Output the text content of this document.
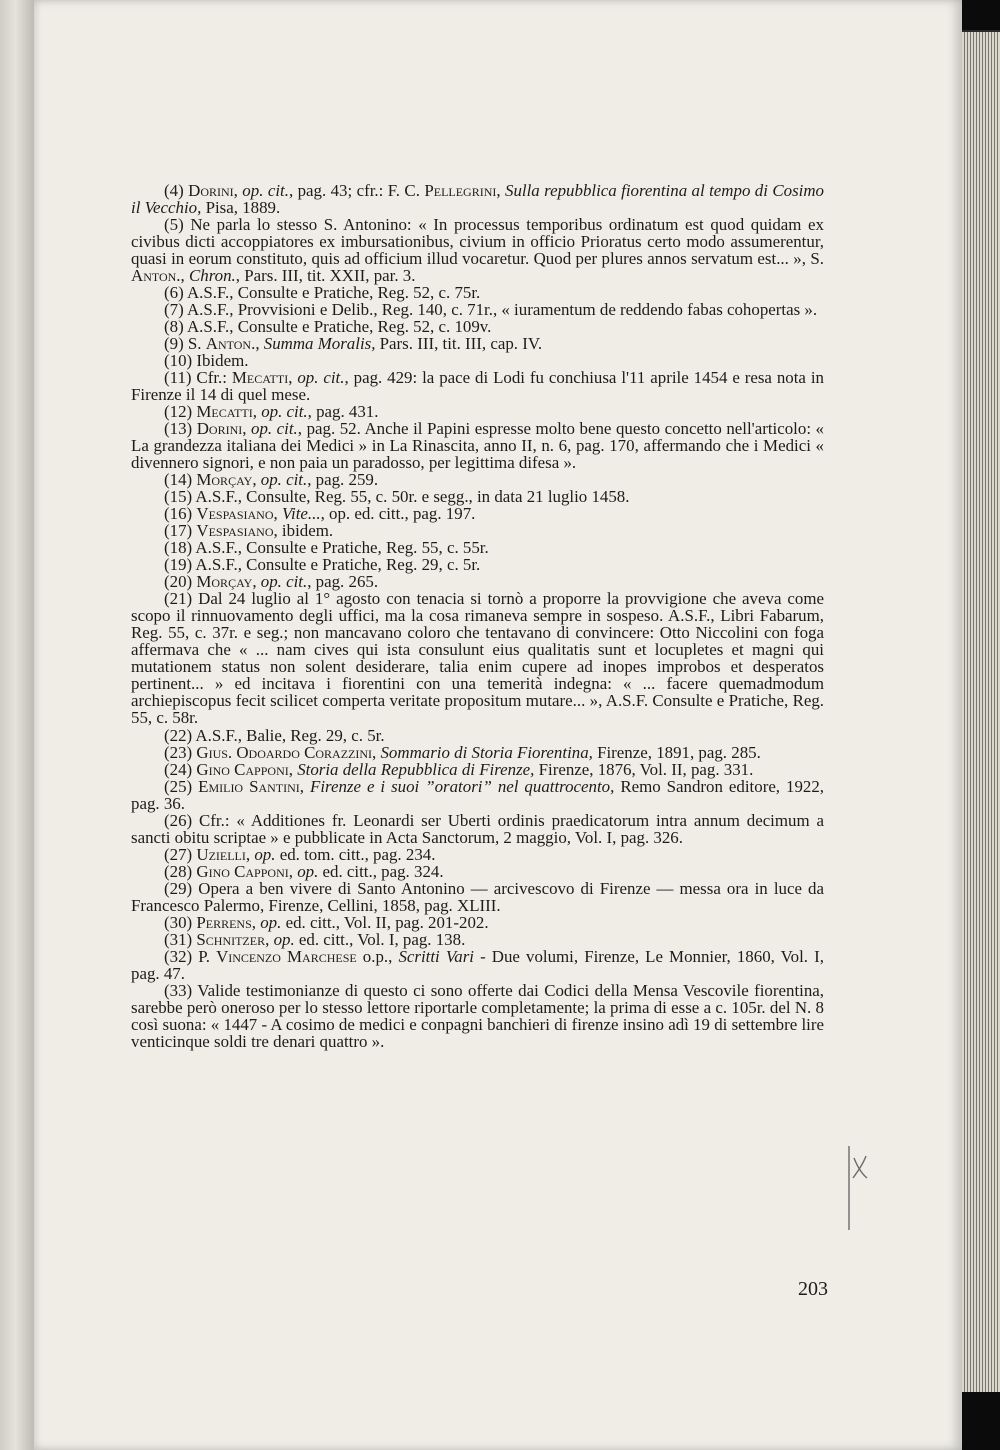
(4) Dorini, op. cit., pag. 43; cfr.: F. C. Pellegrini, Sulla repubblica fiorentina al tempo di Cosimo il Vecchio, Pisa, 1889.
(5) Ne parla lo stesso S. Antonino: « In processus temporibus ordinatum est quod quidam ex civibus dicti accoppiatores ex imbursationibus, civium in officio Prioratus certo modo assumerentur, quasi in eorum constituto, quis ad officium illud vocaretur. Quod per plures annos servatum est... », S. Anton., Chron., Pars. III, tit. XXII, par. 3.
(6) A.S.F., Consulte e Pratiche, Reg. 52, c. 75r.
(7) A.S.F., Provvisioni e Delib., Reg. 140, c. 71r., « iuramentum de reddendo fabas cohopertas ».
(8) A.S.F., Consulte e Pratiche, Reg. 52, c. 109v.
(9) S. Anton., Summa Moralis, Pars. III, tit. III, cap. IV.
(10) Ibidem.
(11) Cfr.: Mecatti, op. cit., pag. 429: la pace di Lodi fu conchiusa l'11 aprile 1454 e resa nota in Firenze il 14 di quel mese.
(12) Mecatti, op. cit., pag. 431.
(13) Dorini, op. cit., pag. 52. Anche il Papini espresse molto bene questo concetto nell'articolo: « La grandezza italiana dei Medici » in La Rinascita, anno II, n. 6, pag. 170, affermando che i Medici « divennero signori, e non paia un paradosso, per legittima difesa ».
(14) Morçay, op. cit., pag. 259.
(15) A.S.F., Consulte, Reg. 55, c. 50r. e segg., in data 21 luglio 1458.
(16) Vespasiano, Vite..., op. ed. citt., pag. 197.
(17) Vespasiano, ibidem.
(18) A.S.F., Consulte e Pratiche, Reg. 55, c. 55r.
(19) A.S.F., Consulte e Pratiche, Reg. 29, c. 5r.
(20) Morçay, op. cit., pag. 265.
(21) Dal 24 luglio al 1° agosto con tenacia si tornò a proporre la provvigione che aveva come scopo il rinnuovamento degli uffici, ma la cosa rimaneva sempre in sospeso. A.S.F., Libri Fabarum, Reg. 55, c. 37r. e seg.; non mancavano coloro che tentavano di convincere: Otto Niccolini con foga affermava che « ... nam cives qui ista consulunt eius qualitatis sunt et locupletes et magni qui mutationem status non solent desiderare, talia enim cupere ad inopes improbos et desperatos pertinent... » ed incitava i fiorentini con una temerità indegna: « ... facere quemadmodum archiepiscopus fecit scilicet comperta veritate propositum mutare... », A.S.F. Consulte e Pratiche, Reg. 55, c. 58r.
(22) A.S.F., Balie, Reg. 29, c. 5r.
(23) Gius. Odoardo Corazzini, Sommario di Storia Fiorentina, Firenze, 1891, pag. 285.
(24) Gino Capponi, Storia della Repubblica di Firenze, Firenze, 1876, Vol. II, pag. 331.
(25) Emilio Santini, Firenze e i suoi ”oratori” nel quattrocento, Remo Sandron editore, 1922, pag. 36.
(26) Cfr.: « Additiones fr. Leonardi ser Uberti ordinis praedicatorum intra annum decimum a sancti obitu scriptae » e pubblicate in Acta Sanctorum, 2 maggio, Vol. I, pag. 326.
(27) Uzielli, op. ed. tom. citt., pag. 234.
(28) Gino Capponi, op. ed. citt., pag. 324.
(29) Opera a ben vivere di Santo Antonino — arcivescovo di Firenze — messa ora in luce da Francesco Palermo, Firenze, Cellini, 1858, pag. XLIII.
(30) Perrens, op. ed. citt., Vol. II, pag. 201-202.
(31) Schnitzer, op. ed. citt., Vol. I, pag. 138.
(32) P. Vincenzo Marchese o.p., Scritti Vari - Due volumi, Firenze, Le Monnier, 1860, Vol. I, pag. 47.
(33) Valide testimonianze di questo ci sono offerte dai Codici della Mensa Vescovile fiorentina, sarebbe però oneroso per lo stesso lettore riportarle completamente; la prima di esse a c. 105r. del N. 8 così suona: « 1447 - A cosimo de medici e conpagni banchieri di firenze insino adì 19 di settembre lire venticinque soldi tre denari quattro ».
203
